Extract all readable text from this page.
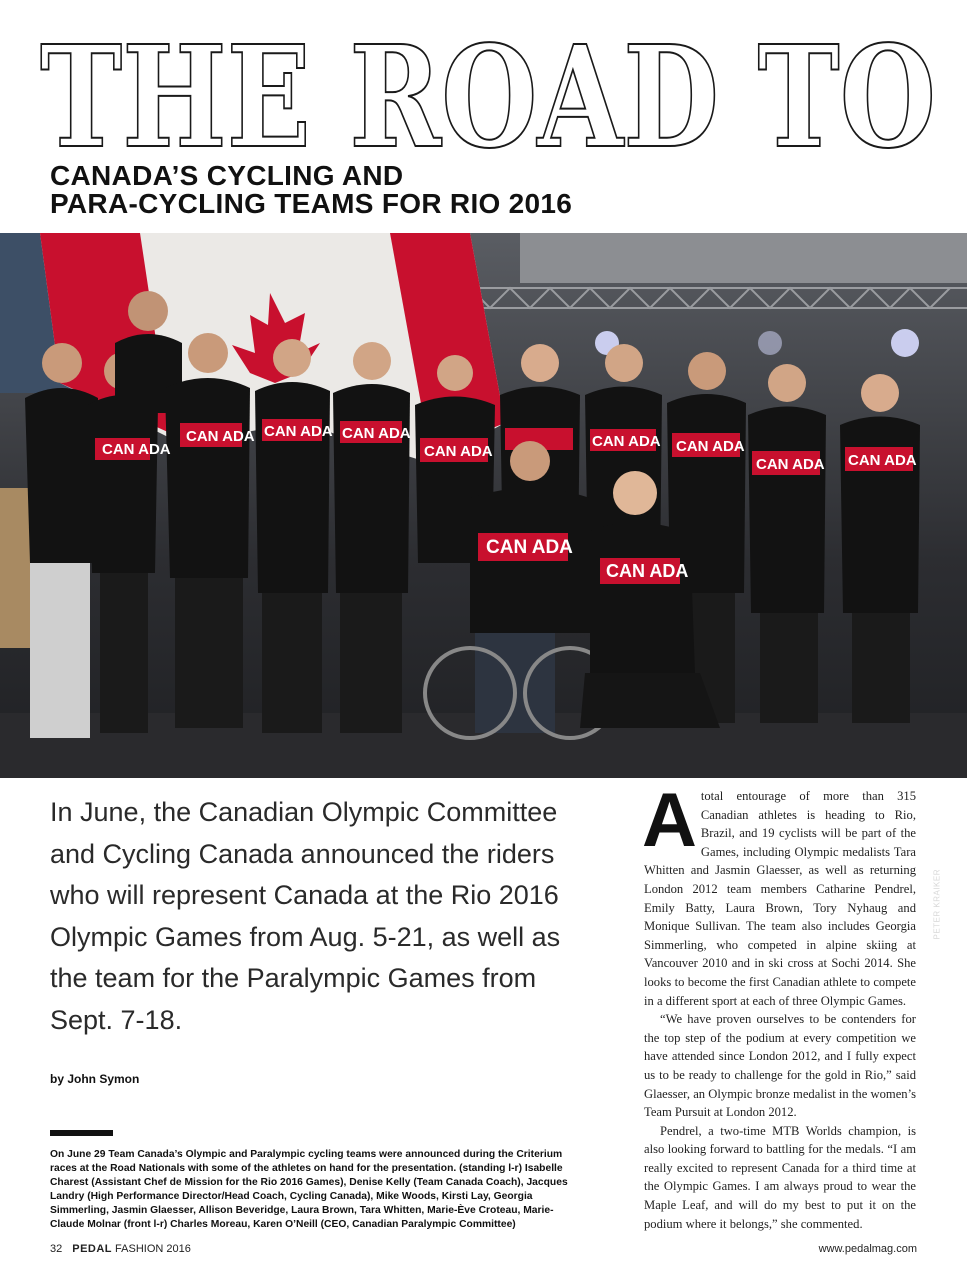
THE ROAD TO
CANADA’S CYCLING AND
PARA-CYCLING TEAMS FOR RIO 2016
CAN ADA
CAN ADA CAN ADA CAN ADA
CAN ADA
CAN ADA CAN ADA
CAN ADA CAN ADA
CAN ADA
CAN ADA
PETER KRAIKER
In June, the Canadian Olympic Committee and Cycling Canada announced the riders who will represent Canada at the Rio 2016 Olympic Games from Aug. 5-21, as well as the team for the Paralympic Games from Sept. 7-18.
by John Symon
On June 29 Team Canada’s Olympic and Paralympic cycling teams were announced during the Criterium races at the Road Nationals with some of the athletes on hand for the presentation. (standing l-r) Isabelle Charest (Assistant Chef de Mission for the Rio 2016 Games), Denise Kelly (Team Canada Coach), Jacques Landry (High Performance Director/Head Coach, Cycling Canada), Mike Woods, Kirsti Lay, Georgia Simmerling, Jasmin Glaesser, Allison Beveridge, Laura Brown, Tara Whitten, Marie-Ève Croteau, Marie-Claude Molnar (front l-r) Charles Moreau, Karen O’Neill (CEO, Canadian Paralympic Committee)

Atotal entourage of more than 315 Canadian athletes is heading to Rio, Brazil, and 19 cyclists will be part of the Games, including Olympic medalists Tara Whitten and Jasmin Glaesser, as well as returning London 2012 team members Catharine Pendrel, Emily Batty, Laura Brown, Tory Nyhaug and Monique Sullivan. The team also includes Georgia Simmerling, who competed in alpine skiing at Vancouver 2010 and in ski cross at Sochi 2014. She looks to become the first Canadian athlete to compete in a different sport at each of three Olympic Games.

“We have proven ourselves to be contenders for the top step of the podium at every competition we have attended since London 2012, and I fully expect us to be ready to challenge for the gold in Rio,” said Glaesser, an Olympic bronze medalist in the women’s Team Pursuit at London 2012.

Pendrel, a two-time MTB Worlds champion, is also looking forward to battling for the medals. “I am really excited to represent Canada for a third time at the Olympic Games. I am always proud to wear the Maple Leaf, and will do my best to put it on the podium where it belongs,” she commented.

32 PEDAL FASHION 2016	www.pedalmag.com
